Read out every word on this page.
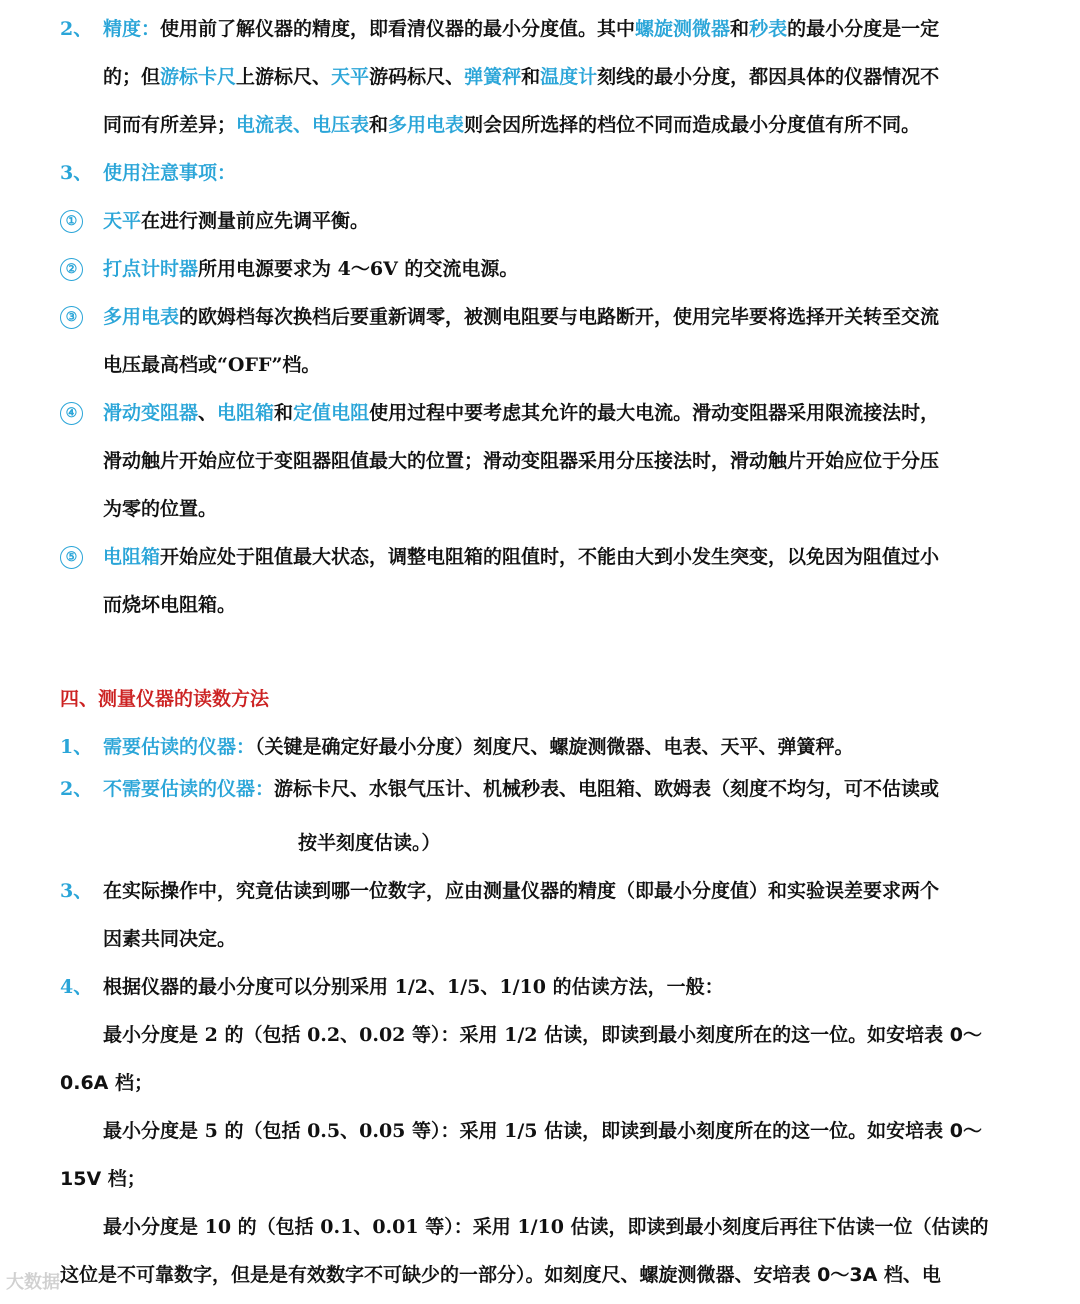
2、 精度：使用前了解仪器的精度，即看清仪器的最小分度值。其中螺旋测微器和秒表的最小分度是一定
的；但游标卡尺上游标尺、天平游码标尺、弹簧秤和温度计刻线的最小分度，都因具体的仪器情况不
同而有所差异；电流表、电压表和多用电表则会因所选择的档位不同而造成最小分度值有所不同。
3、 使用注意事项：
① 天平在进行测量前应先调平衡。
② 打点计时器所用电源要求为 4～6V 的交流电源。
③ 多用电表的欧姆档每次换档后要重新调零，被测电阻要与电路断开，使用完毕要将选择开关转至交流
电压最高档或“OFF”档。
④ 滑动变阻器、电阻箱和定值电阻使用过程中要考虑其允许的最大电流。滑动变阻器采用限流接法时，
滑动触片开始应位于变阻器阻值最大的位置；滑动变阻器采用分压接法时，滑动触片开始应位于分压
为零的位置。
⑤ 电阻箱开始应处于阻值最大状态，调整电阻箱的阻值时，不能由大到小发生突变，以免因为阻值过小
而烧坏电阻箱。
四、测量仪器的读数方法
1、 需要估读的仪器：（关键是确定好最小分度）刻度尺、螺旋测微器、电表、天平、弹簧秤。
2、 不需要估读的仪器：游标卡尺、水银气压计、机械秒表、电阻箱、欧姆表（刻度不均匀，可不估读或
按半刻度估读。）
3、 在实际操作中，究竟估读到哪一位数字，应由测量仪器的精度（即最小分度值）和实验误差要求两个
因素共同决定。
4、 根据仪器的最小分度可以分别采用 1/2、1/5、1/10 的估读方法，一般：
最小分度是 2 的（包括 0.2、0.02 等）：采用 1/2 估读，即读到最小刻度所在的这一位。如安培表 0～
0.6A 档；
最小分度是 5 的（包括 0.5、0.05 等）：采用 1/5 估读，即读到最小刻度所在的这一位。如安培表 0～
15V 档；
最小分度是 10 的（包括 0.1、0.01 等）：采用 1/10 估读，即读到最小刻度后再往下估读一位（估读的
这位是不可靠数字，但是是有效数字不可缺少的一部分）。如刻度尺、螺旋测微器、安培表 0～3A 档、电
大数据
